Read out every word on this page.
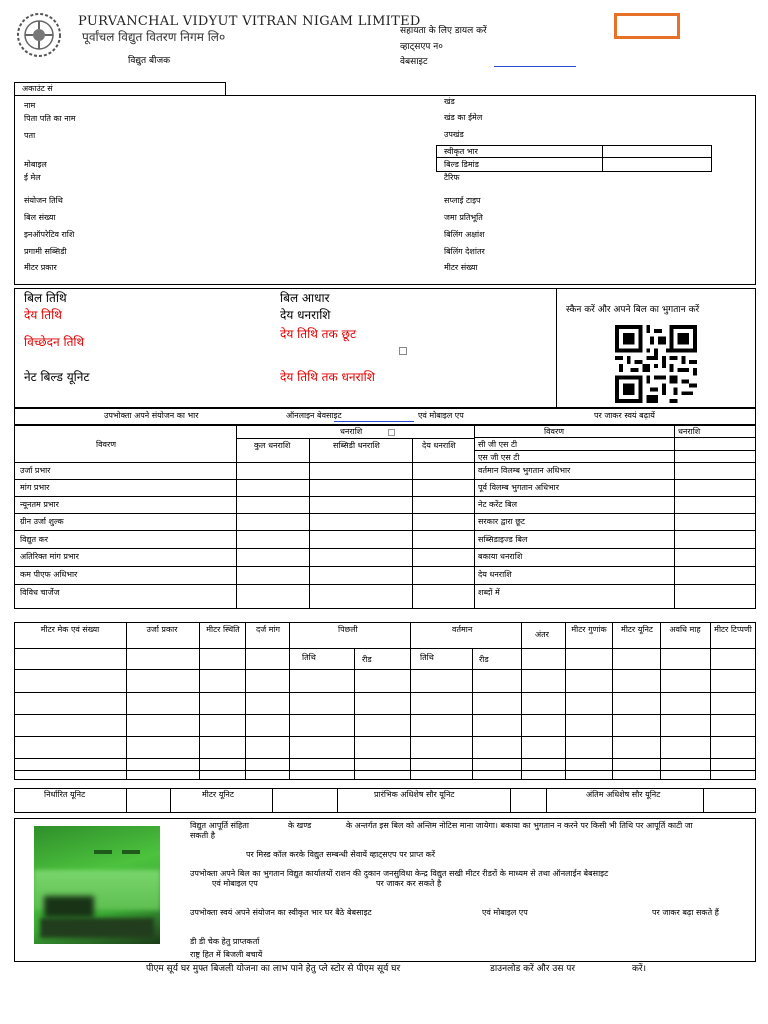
PURVANCHAL VIDYUT VITRAN NIGAM LIMITED
पूर्वांचल विद्युत वितरण निगम लि०
विद्युत बीजक
सहायता के लिए डायल करें
व्हाट्सएप न०
वेबसाइट
अकाउंट सं
नाम
पिता पति का नाम
पता
मोबाइल
ई मेल
संयोजन तिथि
बिल संख्या
इनऑपरेटिव राशि
प्रगामी सब्सिडी
मीटर प्रकार
खंड
खंड का ईमेल
उपखंड
स्वीकृत भार
बिल्ड डिमांड
टैरिफ
सप्लाई टाइप
जमा प्रतिभूति
बिलिंग अक्षांश
बिलिंग देशांतर
मीटर संख्या
बिल तिथि
देय तिथि
विच्छेदन तिथि
नेट बिल्ड यूनिट
बिल आधार
देय धनराशि
देय तिथि तक छूट
देय तिथि तक धनराशि
स्कैन करें और अपने बिल का भुगतान करें
उपभोक्ता अपने संयोजन का भार	ऑनलाइन बेवसाइट	एवं मोबाइल एप	पर जाकर स्वयं बढ़ायें
विवरण
धनराशि
कुल धनराशि	सब्सिडी धनराशि	देय धनराशि
उर्जा प्रभार
मांग प्रभार
न्यूनतम प्रभार
ग्रीन उर्जा शुल्क
विद्युत कर
अतिरिक्त मांग प्रभार
कम पीएफ अधिभार
विविध चार्जेज
विवरण	धनराशि
सी जी एस टी
एस जी एस टी
वर्तमान विलम्ब भुगतान अधिभार
पूर्व विलम्ब भुगतान अधिभार
नेट करेंट बिल
सरकार द्वारा छूट
सब्सिडाइज्ड बिल
बकाया धनराशि
देय धनराशि
शब्दों में
मीटर मेक एवं संख्या	उर्जा प्रकार	मीटर स्थिति	दर्ज मांग	पिछली	वर्तमान
अंतर
मीटर गुणांक	मीटर यूनिट	अवधि माह	मीटर टिप्पणी
तिथि	रीड	तिथि	रीड
निर्धारित यूनिट	मीटर यूनिट	प्रारंभिक अधिशेष सौर यूनिट	अंतिम अधिशेष सौर यूनिट
विद्युत आपूर्ति संहिता	के खण्ड	के अन्तर्गत इस बिल को अन्तिम नोटिस माना जायेगा। बकाया का भुगतान न करने पर किसी भी तिथि पर आपूर्ति काटी जा
सकती है
पर मिस्ड कॉल करके विद्युत सम्बन्धी सेवायें व्हाट्सएप पर प्राप्त करें
उपभोक्ता अपने बिल का भुगतान विद्युत कार्यालयों राशन की दुकान जनसुविधा केन्द्र विद्युत सखी मीटर रीडरों के माध्यम से तथा ऑनलाईन बेबसाइट
एवं मोबाइल एप	पर जाकर कर सकते है
उपभोक्ता स्वयं अपने संयोजन का स्वीकृत भार घर बैठे बेबसाइट	एवं मोबाइल एप	पर जाकर बढ़ा सकते हैं
डी डी चेक हेतु प्राप्तकर्ता
राष्ट्र हित में बिजली बचायें
पीएम सूर्य घर मुफ्त बिजली योजना का लाभ पाने हेतु प्ले स्टोर से पीएम सूर्य घर	डाउनलोड करें और उस पर	करें।
